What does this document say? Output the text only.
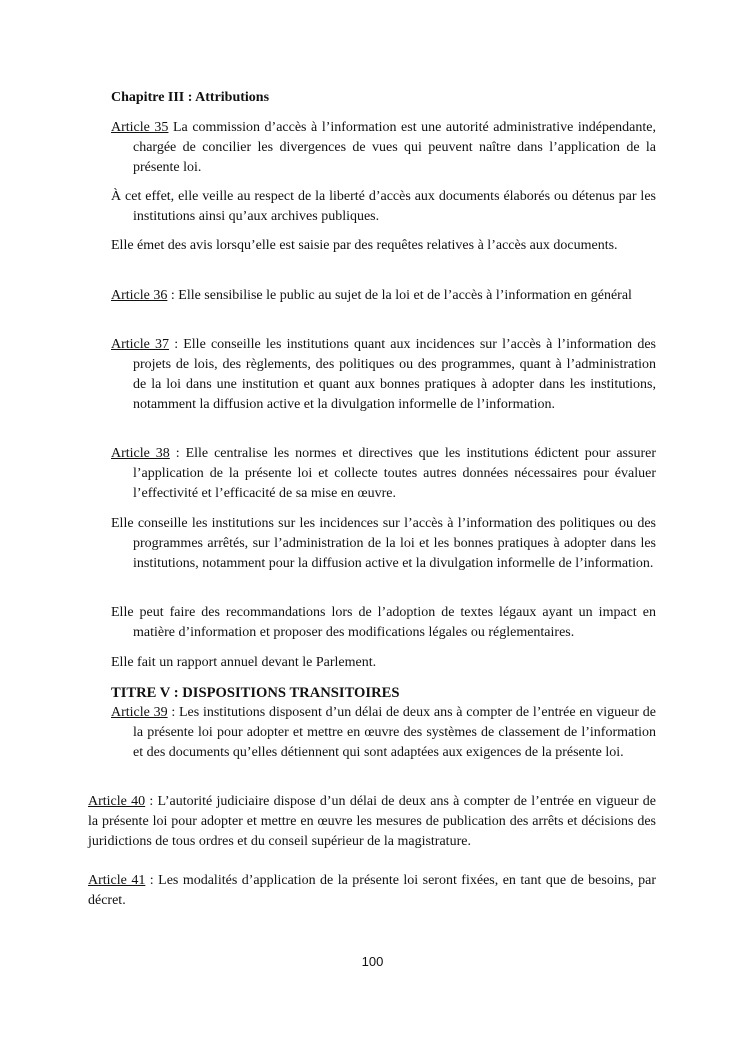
Chapitre III : Attributions

Article 35 La commission d’accès à l’information est une autorité administrative indépendante, chargée de concilier les divergences de vues qui peuvent naître dans l’application de la présente loi.

À cet effet, elle veille au respect de la liberté d’accès aux documents élaborés ou détenus par les institutions ainsi qu’aux archives publiques.

Elle émet des avis lorsqu’elle est saisie par des requêtes relatives à l’accès aux documents.

Article 36 : Elle sensibilise le public au sujet de la loi et de l’accès à l’information en général

Article 37 : Elle conseille les institutions quant aux incidences sur l’accès à l’information des projets de lois, des règlements, des politiques ou des programmes, quant à l’administration de la loi dans une institution et quant aux bonnes pratiques à adopter dans les institutions, notamment la diffusion active et la divulgation informelle de l’information.

Article 38 : Elle centralise les normes et directives que les institutions édictent pour assurer l’application de la présente loi et collecte toutes autres données nécessaires pour évaluer l’effectivité et l’efficacité de sa mise en œuvre.

Elle conseille les institutions sur les incidences sur l’accès à l’information des politiques ou des programmes arrêtés, sur l’administration de la loi et les bonnes pratiques à adopter dans les institutions, notamment pour la diffusion active et la divulgation informelle de l’information.

Elle peut faire des recommandations lors de l’adoption de textes légaux ayant un impact en matière d’information et proposer des modifications légales ou réglementaires.

Elle fait un rapport annuel devant le Parlement.

TITRE V : DISPOSITIONS TRANSITOIRES

Article 39 : Les institutions disposent d’un délai de deux ans à compter de l’entrée en vigueur de la présente loi pour adopter et mettre en œuvre des systèmes de classement de l’information et des documents qu’elles détiennent qui sont adaptées aux exigences de la présente loi.

Article 40 : L’autorité judiciaire dispose d’un délai de deux ans à compter de l’entrée en vigueur de la présente loi pour adopter et mettre en œuvre les mesures de publication des arrêts et décisions des juridictions de tous ordres et du conseil supérieur de la magistrature.

Article 41 : Les modalités d’application de la présente loi seront fixées, en tant que de besoins, par décret.

100
